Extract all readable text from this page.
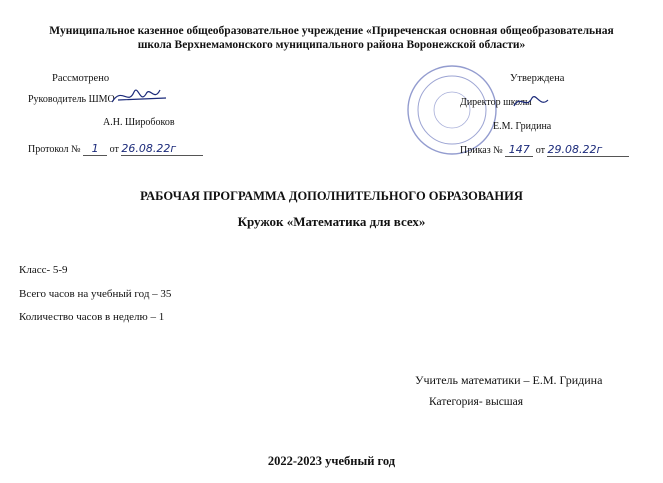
Муниципальное казенное общеобразовательное учреждение «Приреченская основная общеобразовательная
школа Верхнемамонского муниципального района Воронежской области»
Рассмотрено
Руководитель ШМО
А.Н. Широбоков
Протокол № 1 от 26.08.22г
Утверждена
Директор школы
Е.М. Гридина
Приказ № 147 от 29.08.22г
РАБОЧАЯ ПРОГРАММА ДОПОЛНИТЕЛЬНОГО ОБРАЗОВАНИЯ
Кружок «Математика для всех»
Класс- 5-9
Всего часов на учебный год – 35
Количество часов в неделю – 1
Учитель математики – Е.М. Гридина
Категория- высшая
2022-2023 учебный год
